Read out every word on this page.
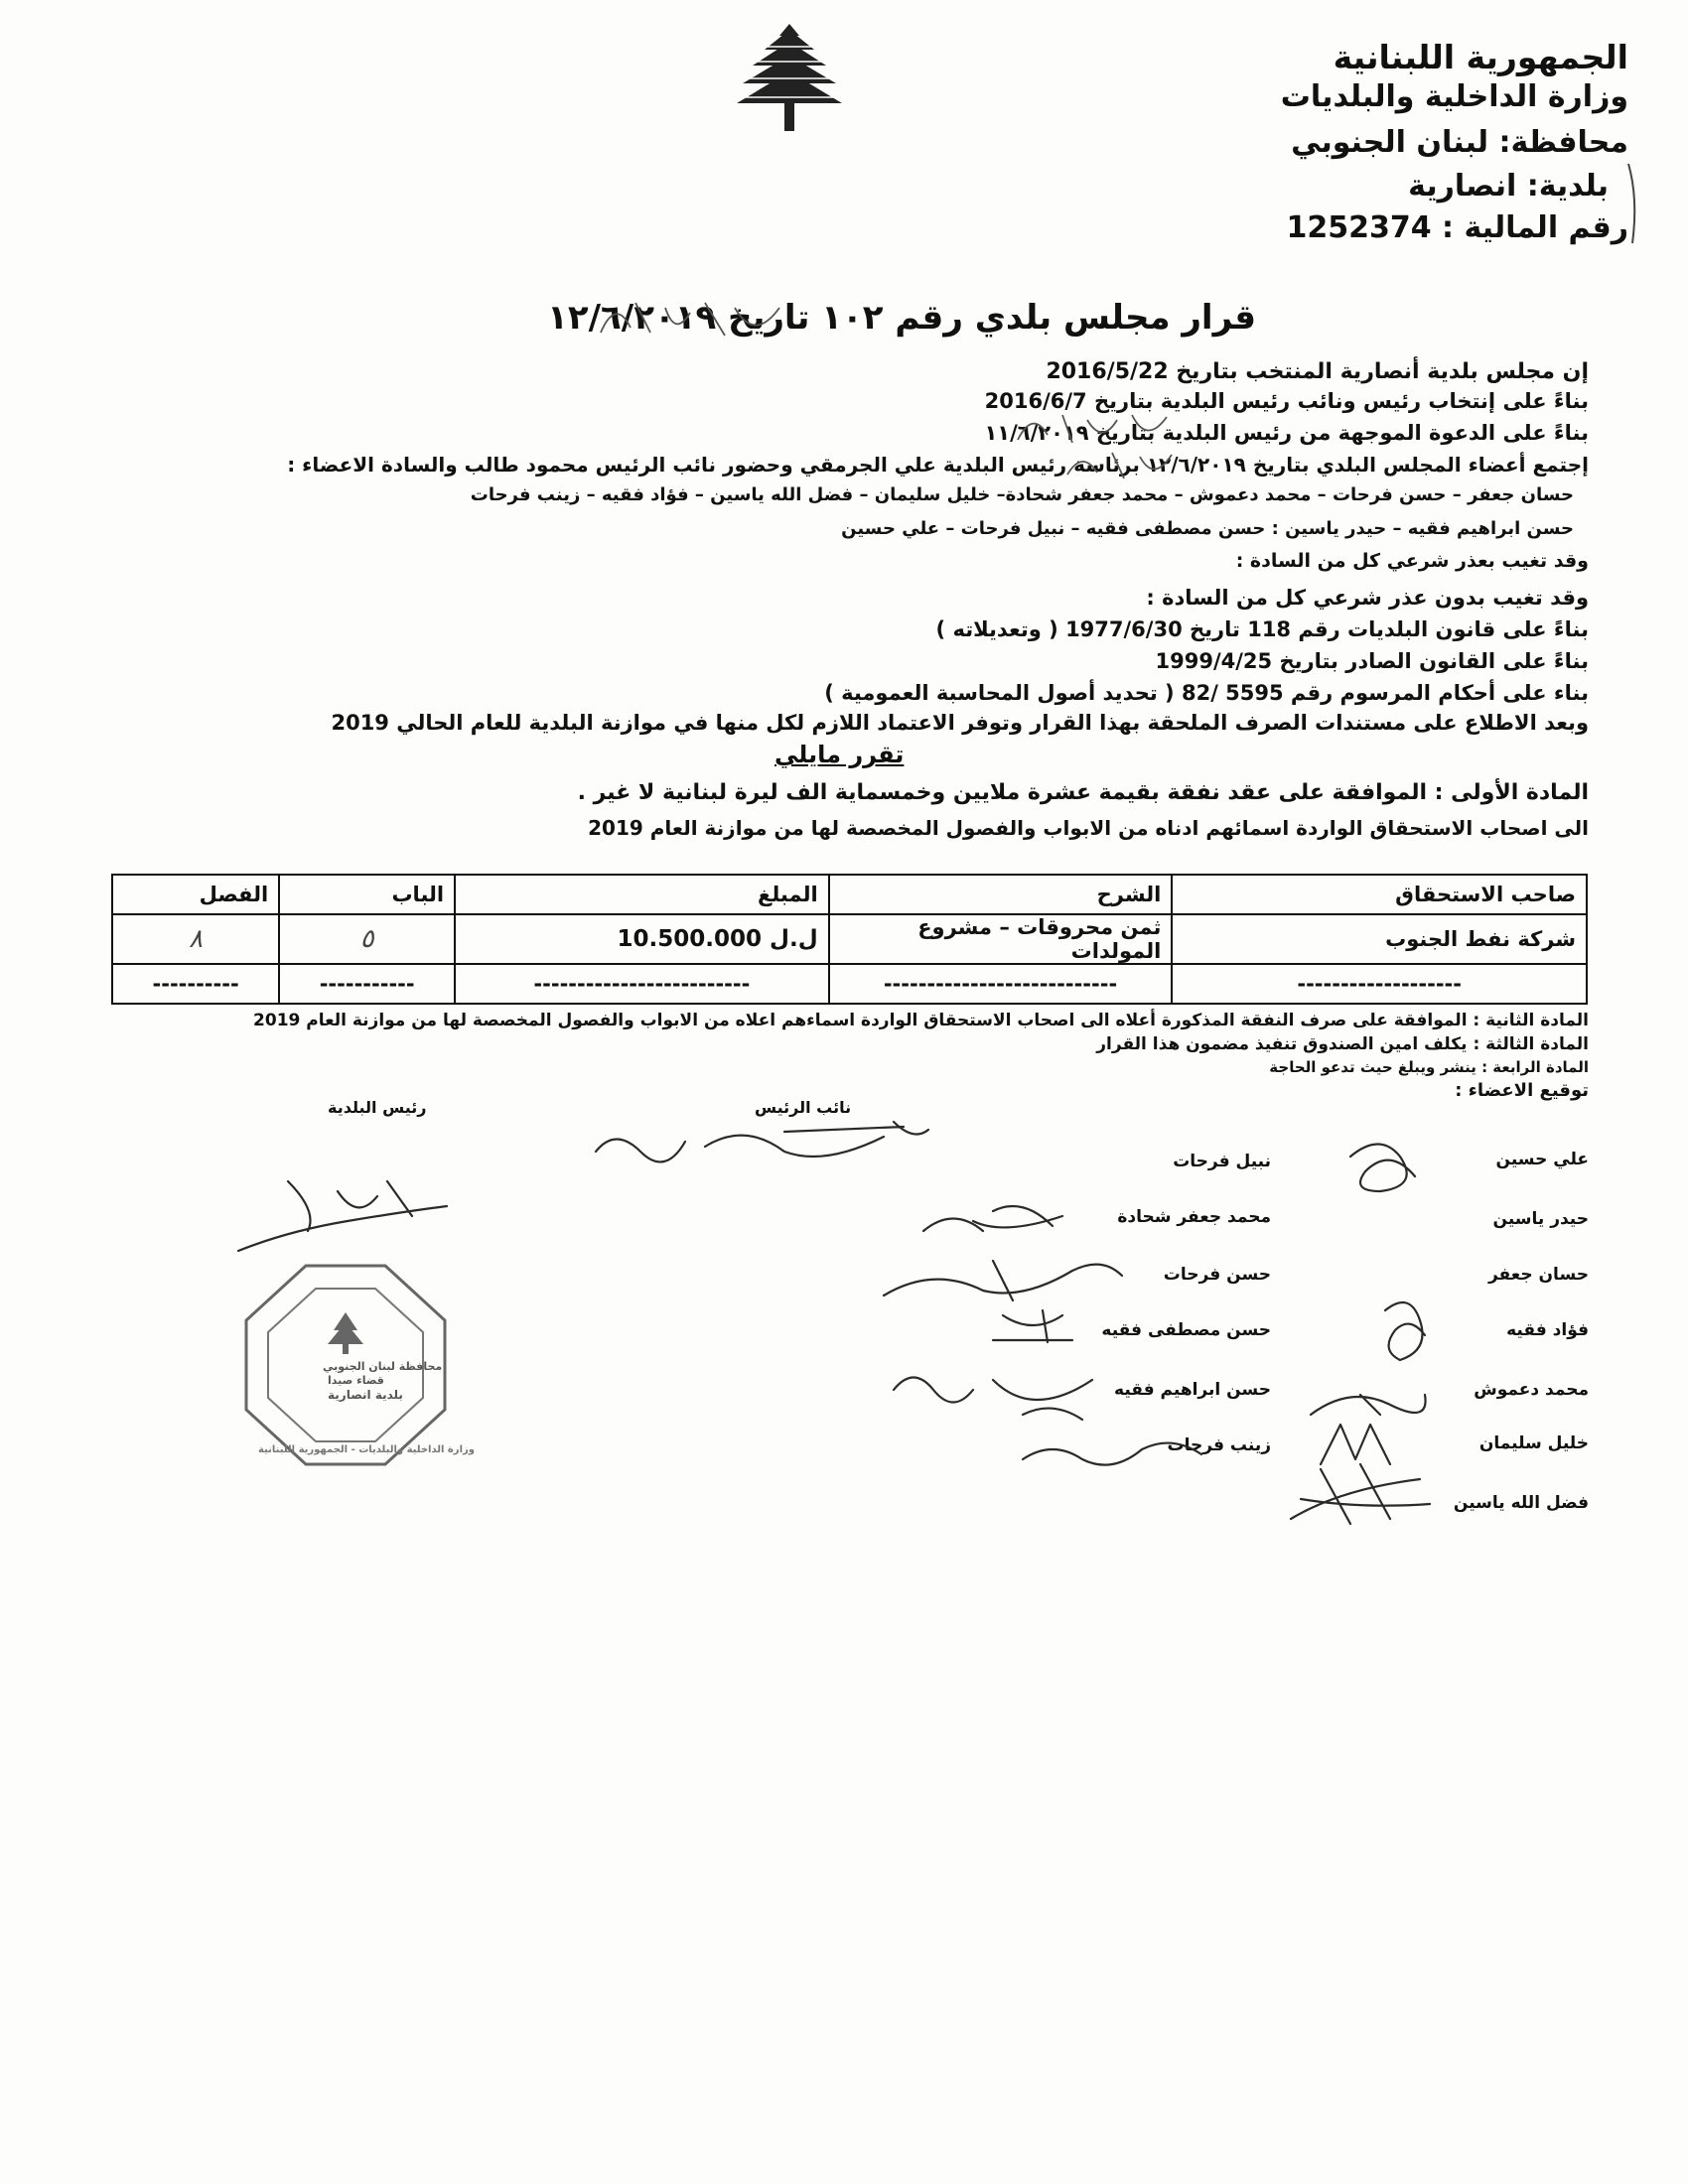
الجمهورية اللبنانية
وزارة الداخلية والبلديات
محافظة: لبنان الجنوبي
بلدية: انصارية
رقم المالية : 1252374
قرار مجلس بلدي رقم ١٠٢ تاريخ ١٢/٦/٢٠١٩
إن مجلس بلدية أنصارية المنتخب بتاريخ 2016/5/22
بناءً على إنتخاب رئيس ونائب رئيس البلدية بتاريخ 2016/6/7
بناءً على الدعوة الموجهة من رئيس البلدية بتاريخ ١١/٦/٢٠١٩
إجتمع أعضاء المجلس البلدي بتاريخ ١٢/٦/٢٠١٩ برئاسة رئيس البلدية علي الجرمقي وحضور نائب الرئيس محمود طالب والسادة الاعضاء :
حسان جعفر – حسن فرحات – محمد دعموش – محمد جعفر شحادة– خليل سليمان – فضل الله ياسين – فؤاد فقيه – زينب فرحات
حسن ابراهيم فقيه – حيدر ياسين : حسن مصطفى فقيه – نبيل فرحات – علي حسين
وقد تغيب بعذر شرعي كل من السادة :
وقد تغيب بدون عذر شرعي كل من السادة :
بناءً على قانون البلديات رقم 118 تاريخ 1977/6/30 ( وتعديلاته )
بناءً على القانون الصادر بتاريخ 1999/4/25
بناء على أحكام المرسوم رقم 5595 /82 ( تحديد أصول المحاسبة العمومية )
وبعد الاطلاع على مستندات الصرف الملحقة بهذا القرار وتوفر الاعتماد اللازم لكل منها في موازنة البلدية للعام الحالي 2019
تقرر مايلي
المادة الأولى : الموافقة على عقد نفقة بقيمة عشرة ملايين وخمسماية الف ليرة لبنانية لا غير .
الى اصحاب الاستحقاق الواردة اسمائهم ادناه من الابواب والفصول المخصصة لها من موازنة العام 2019
صاحب الاستحقاق	الشرح	المبلغ	الباب	الفصل
شركة نفط الجنوب	ثمن محروقات – مشروع المولدات	10.500.000 ل.ل	٥	٨
-------------------	---------------------------	-------------------------	-----------	----------
المادة الثانية : الموافقة على صرف النفقة المذكورة أعلاه الى اصحاب الاستحقاق الواردة اسماءهم اعلاه من الابواب والفصول المخصصة لها من موازنة العام 2019
المادة الثالثة : يكلف امين الصندوق تنفيذ مضمون هذا القرار
المادة الرابعة : ينشر ويبلغ حيث تدعو الحاجة
توقيع الاعضاء :
رئيس البلدية	نائب الرئيس
علي حسين
حيدر ياسين
حسان جعفر
فؤاد فقيه
محمد دعموش
خليل سليمان
فضل الله ياسين
نبيل فرحات
محمد جعفر شحادة
حسن فرحات
حسن مصطفى فقيه
حسن ابراهيم فقيه
زينب فرحات
محافظة لبنان الجنوبي
قضاء صيدا
بلدية انصارية
وزارة الداخلية والبلديات - الجمهورية اللبنانية
